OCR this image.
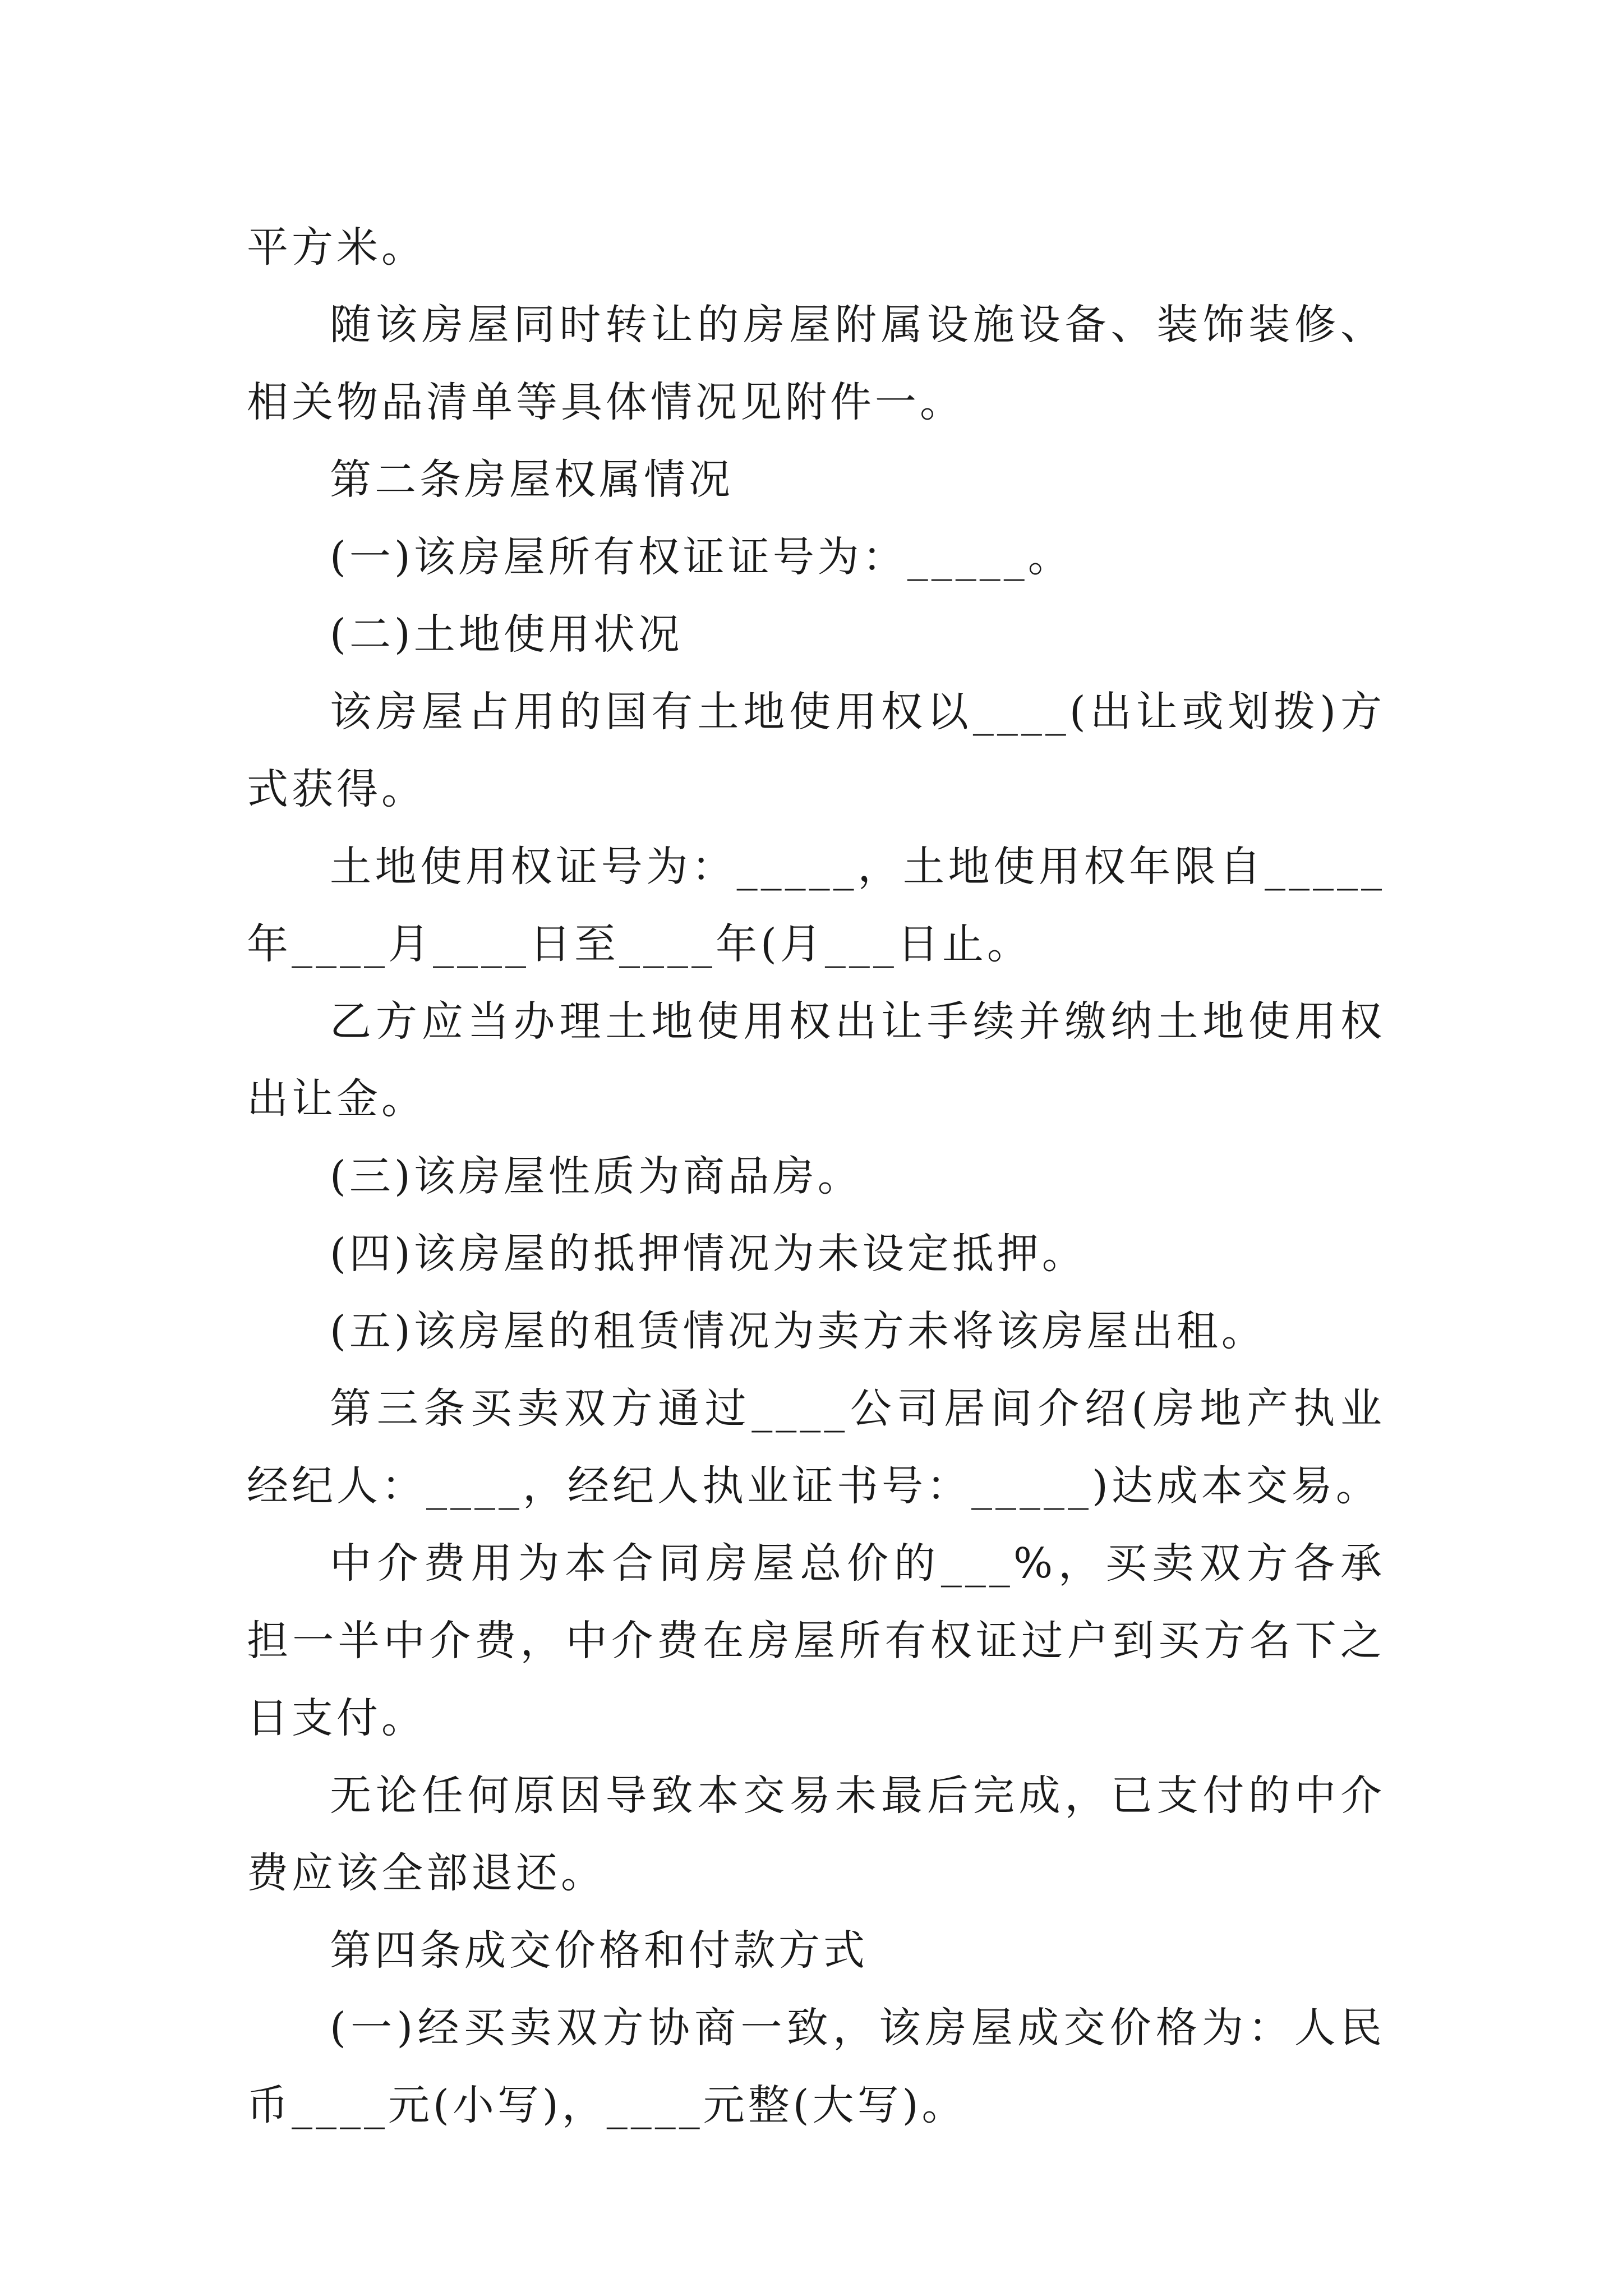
平方米。

随该房屋同时转让的房屋附属设施设备、装饰装修、相关物品清单等具体情况见附件一。

第二条房屋权属情况

(一)该房屋所有权证证号为：_____。

(二)土地使用状况

该房屋占用的国有土地使用权以____(出让或划拨)方式获得。

土地使用权证号为：_____，土地使用权年限自_____年____月____日至____年(月___日止。

乙方应当办理土地使用权出让手续并缴纳土地使用权出让金。

(三)该房屋性质为商品房。

(四)该房屋的抵押情况为未设定抵押。

(五)该房屋的租赁情况为卖方未将该房屋出租。

第三条买卖双方通过____公司居间介绍(房地产执业经纪人：____，经纪人执业证书号：_____)达成本交易。

中介费用为本合同房屋总价的___%，买卖双方各承担一半中介费，中介费在房屋所有权证过户到买方名下之日支付。

无论任何原因导致本交易未最后完成，已支付的中介费应该全部退还。

第四条成交价格和付款方式

(一)经买卖双方协商一致，该房屋成交价格为：人民币____元(小写)，____元整(大写)。
